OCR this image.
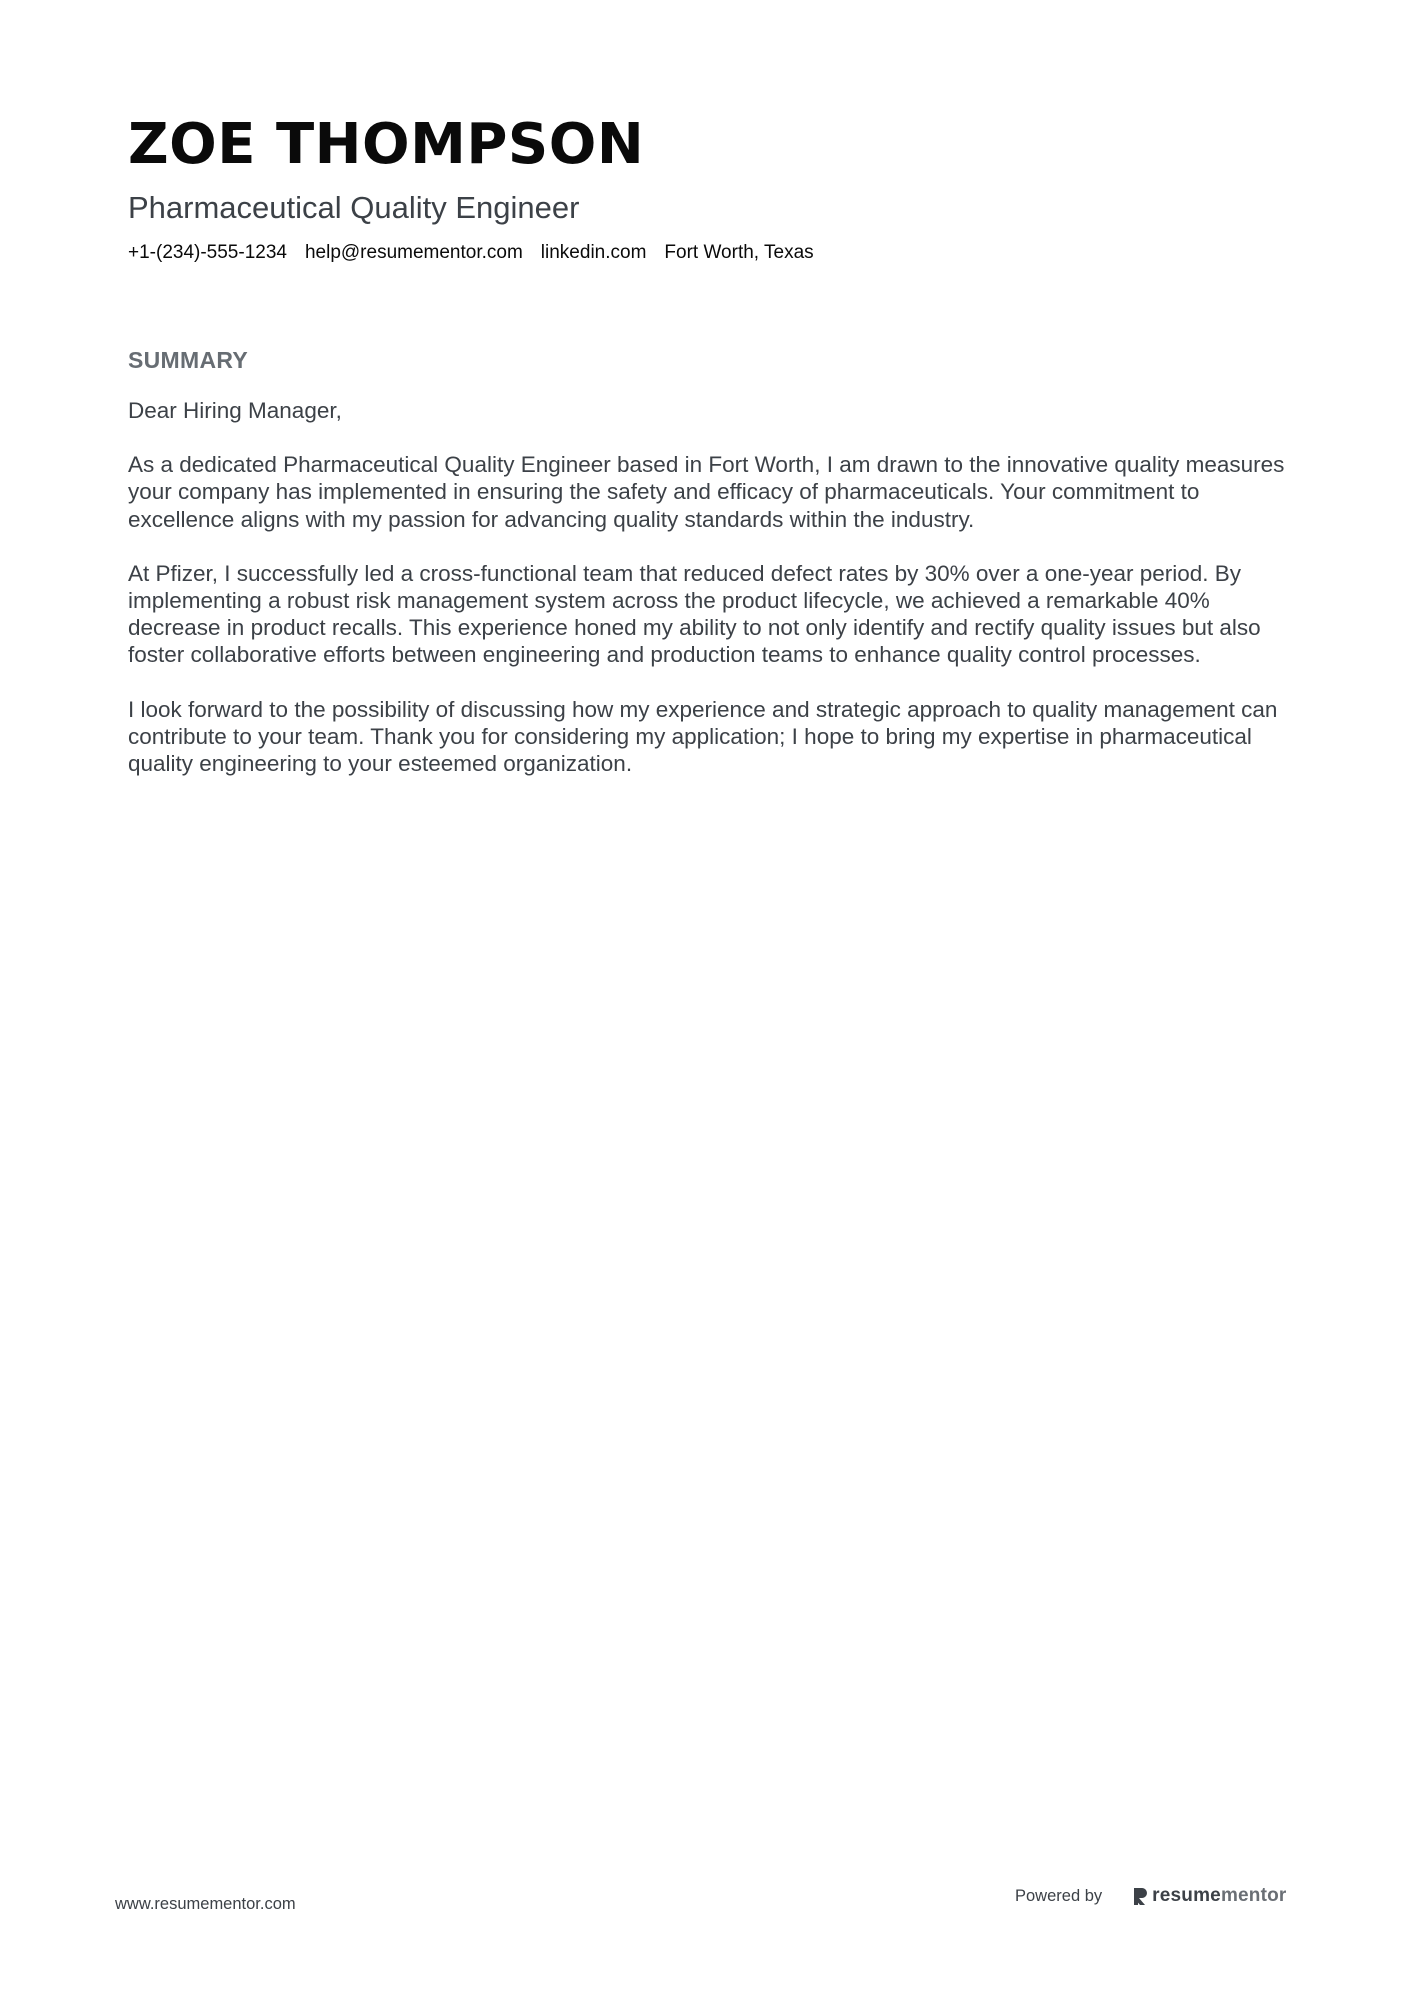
ZOE THOMPSON
Pharmaceutical Quality Engineer
+1-(234)-555-1234 help@resumementor.com linkedin.com Fort Worth, Texas
SUMMARY

Dear Hiring Manager,

As a dedicated Pharmaceutical Quality Engineer based in Fort Worth, I am drawn to the innovative quality measures your company has implemented in ensuring the safety and efficacy of pharmaceuticals. Your commitment to excellence aligns with my passion for advancing quality standards within the industry.

At Pfizer, I successfully led a cross-functional team that reduced defect rates by 30% over a one-year period. By implementing a robust risk management system across the product lifecycle, we achieved a remarkable 40% decrease in product recalls. This experience honed my ability to not only identify and rectify quality issues but also foster collaborative efforts between engineering and production teams to enhance quality control processes.

I look forward to the possibility of discussing how my experience and strategic approach to quality management can contribute to your team. Thank you for considering my application; I hope to bring my expertise in pharmaceutical quality engineering to your esteemed organization.

www.resumementor.com	Powered by	resumementor
